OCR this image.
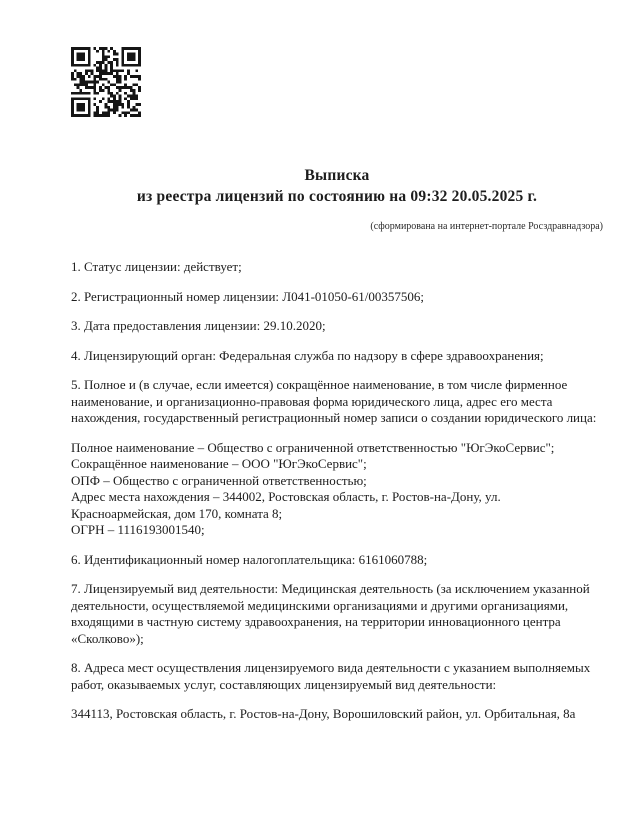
Выписка
из реестра лицензий по состоянию на 09:32 20.05.2025 г.
(сформирована на интернет-портале Росздравнадзора)

1. Статус лицензии: действует;

2. Регистрационный номер лицензии: Л041-01050-61/00357506;

3. Дата предоставления лицензии: 29.10.2020;

4. Лицензирующий орган: Федеральная служба по надзору в сфере здравоохранения;

5. Полное и (в случае, если имеется) сокращённое наименование, в том числе фирменное наименование, и организационно-правовая форма юридического лица, адрес его места нахождения, государственный регистрационный номер записи о создании юридического лица:

Полное наименование – Общество с ограниченной ответственностью "ЮгЭкоСервис";
Сокращённое наименование – ООО "ЮгЭкоСервис";
ОПФ – Общество с ограниченной ответственностью;
Адрес места нахождения – 344002, Ростовская область, г. Ростов-на-Дону, ул. Красноармейская, дом 170, комната 8;
ОГРН – 1116193001540;

6. Идентификационный номер налогоплательщика: 6161060788;

7. Лицензируемый вид деятельности: Медицинская деятельность (за исключением указанной деятельности, осуществляемой медицинскими организациями и другими организациями, входящими в частную систему здравоохранения, на территории инновационного центра «Сколково»);

8. Адреса мест осуществления лицензируемого вида деятельности с указанием выполняемых работ, оказываемых услуг, составляющих лицензируемый вид деятельности:

344113, Ростовская область, г. Ростов-на-Дону, Ворошиловский район, ул. Орбитальная, 8а
